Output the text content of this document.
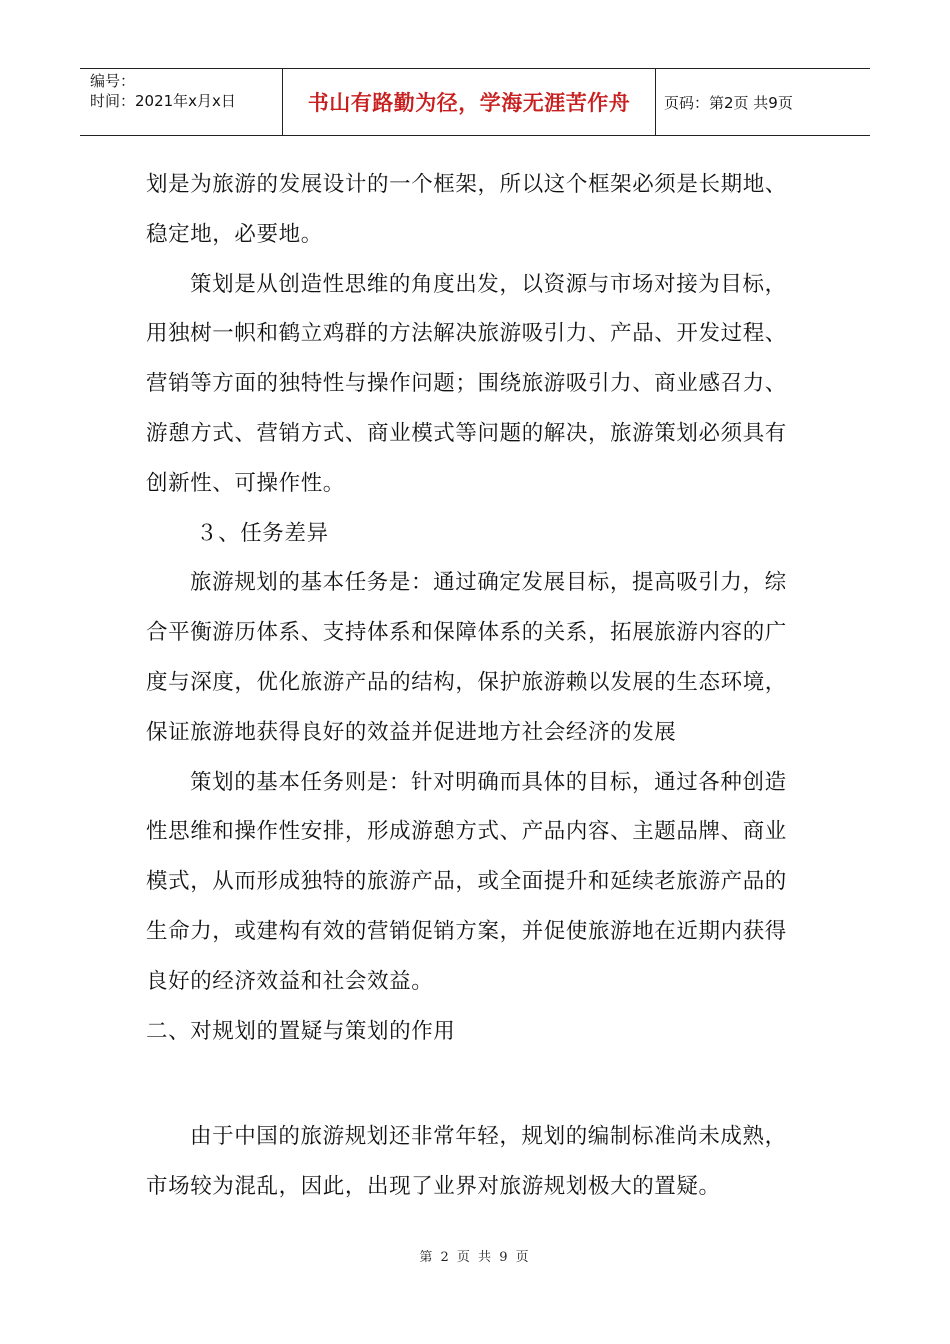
编号：
时间：2021年x月x日	书山有路勤为径，学海无涯苦作舟	页码：第2页 共9页
划是为旅游的发展设计的一个框架，所以这个框架必须是长期地、
稳定地，必要地。
策划是从创造性思维的角度出发，以资源与市场对接为目标，
用独树一帜和鹤立鸡群的方法解决旅游吸引力、产品、开发过程、
营销等方面的独特性与操作问题；围绕旅游吸引力、商业感召力、
游憩方式、营销方式、商业模式等问题的解决，旅游策划必须具有
创新性、可操作性。
３、任务差异
旅游规划的基本任务是：通过确定发展目标，提高吸引力，综
合平衡游历体系、支持体系和保障体系的关系，拓展旅游内容的广
度与深度，优化旅游产品的结构，保护旅游赖以发展的生态环境，
保证旅游地获得良好的效益并促进地方社会经济的发展
策划的基本任务则是：针对明确而具体的目标，通过各种创造
性思维和操作性安排，形成游憩方式、产品内容、主题品牌、商业
模式，从而形成独特的旅游产品，或全面提升和延续老旅游产品的
生命力，或建构有效的营销促销方案，并促使旅游地在近期内获得
良好的经济效益和社会效益。
二、对规划的置疑与策划的作用
由于中国的旅游规划还非常年轻，规划的编制标准尚未成熟，
市场较为混乱，因此，出现了业界对旅游规划极大的置疑。
第 2 页 共 9 页
